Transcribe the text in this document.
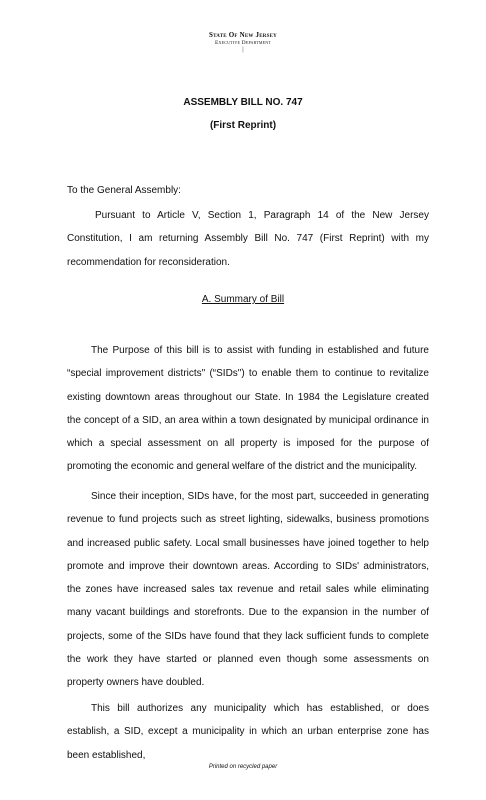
State Of New Jersey
Executive Department
|
ASSEMBLY BILL NO. 747
(First Reprint)
To the General Assembly:
Pursuant to Article V, Section 1, Paragraph 14 of the New Jersey Constitution, I am returning Assembly Bill No. 747 (First Reprint) with my recommendation for reconsideration.
A. Summary of Bill
The Purpose of this bill is to assist with funding in established and future “special improvement districts" (“SIDs") to enable them to continue to revitalize existing downtown areas throughout our State. In 1984 the Legislature created the concept of a SID, an area within a town designated by municipal ordinance in which a special assessment on all property is imposed for the purpose of promoting the economic and general welfare of the district and the municipality.
Since their inception, SIDs have, for the most part, succeeded in generating revenue to fund projects such as street lighting, sidewalks, business promotions and increased public safety. Local small businesses have joined together to help promote and improve their downtown areas. According to SIDs' administrators, the zones have increased sales tax revenue and retail sales while eliminating many vacant buildings and storefronts. Due to the expansion in the number of projects, some of the SIDs have found that they lack sufficient funds to complete the work they have started or planned even though some assessments on property owners have doubled.
This bill authorizes any municipality which has established, or does establish, a SID, except a municipality in which an urban enterprise zone has been established,
Printed on recycled paper
